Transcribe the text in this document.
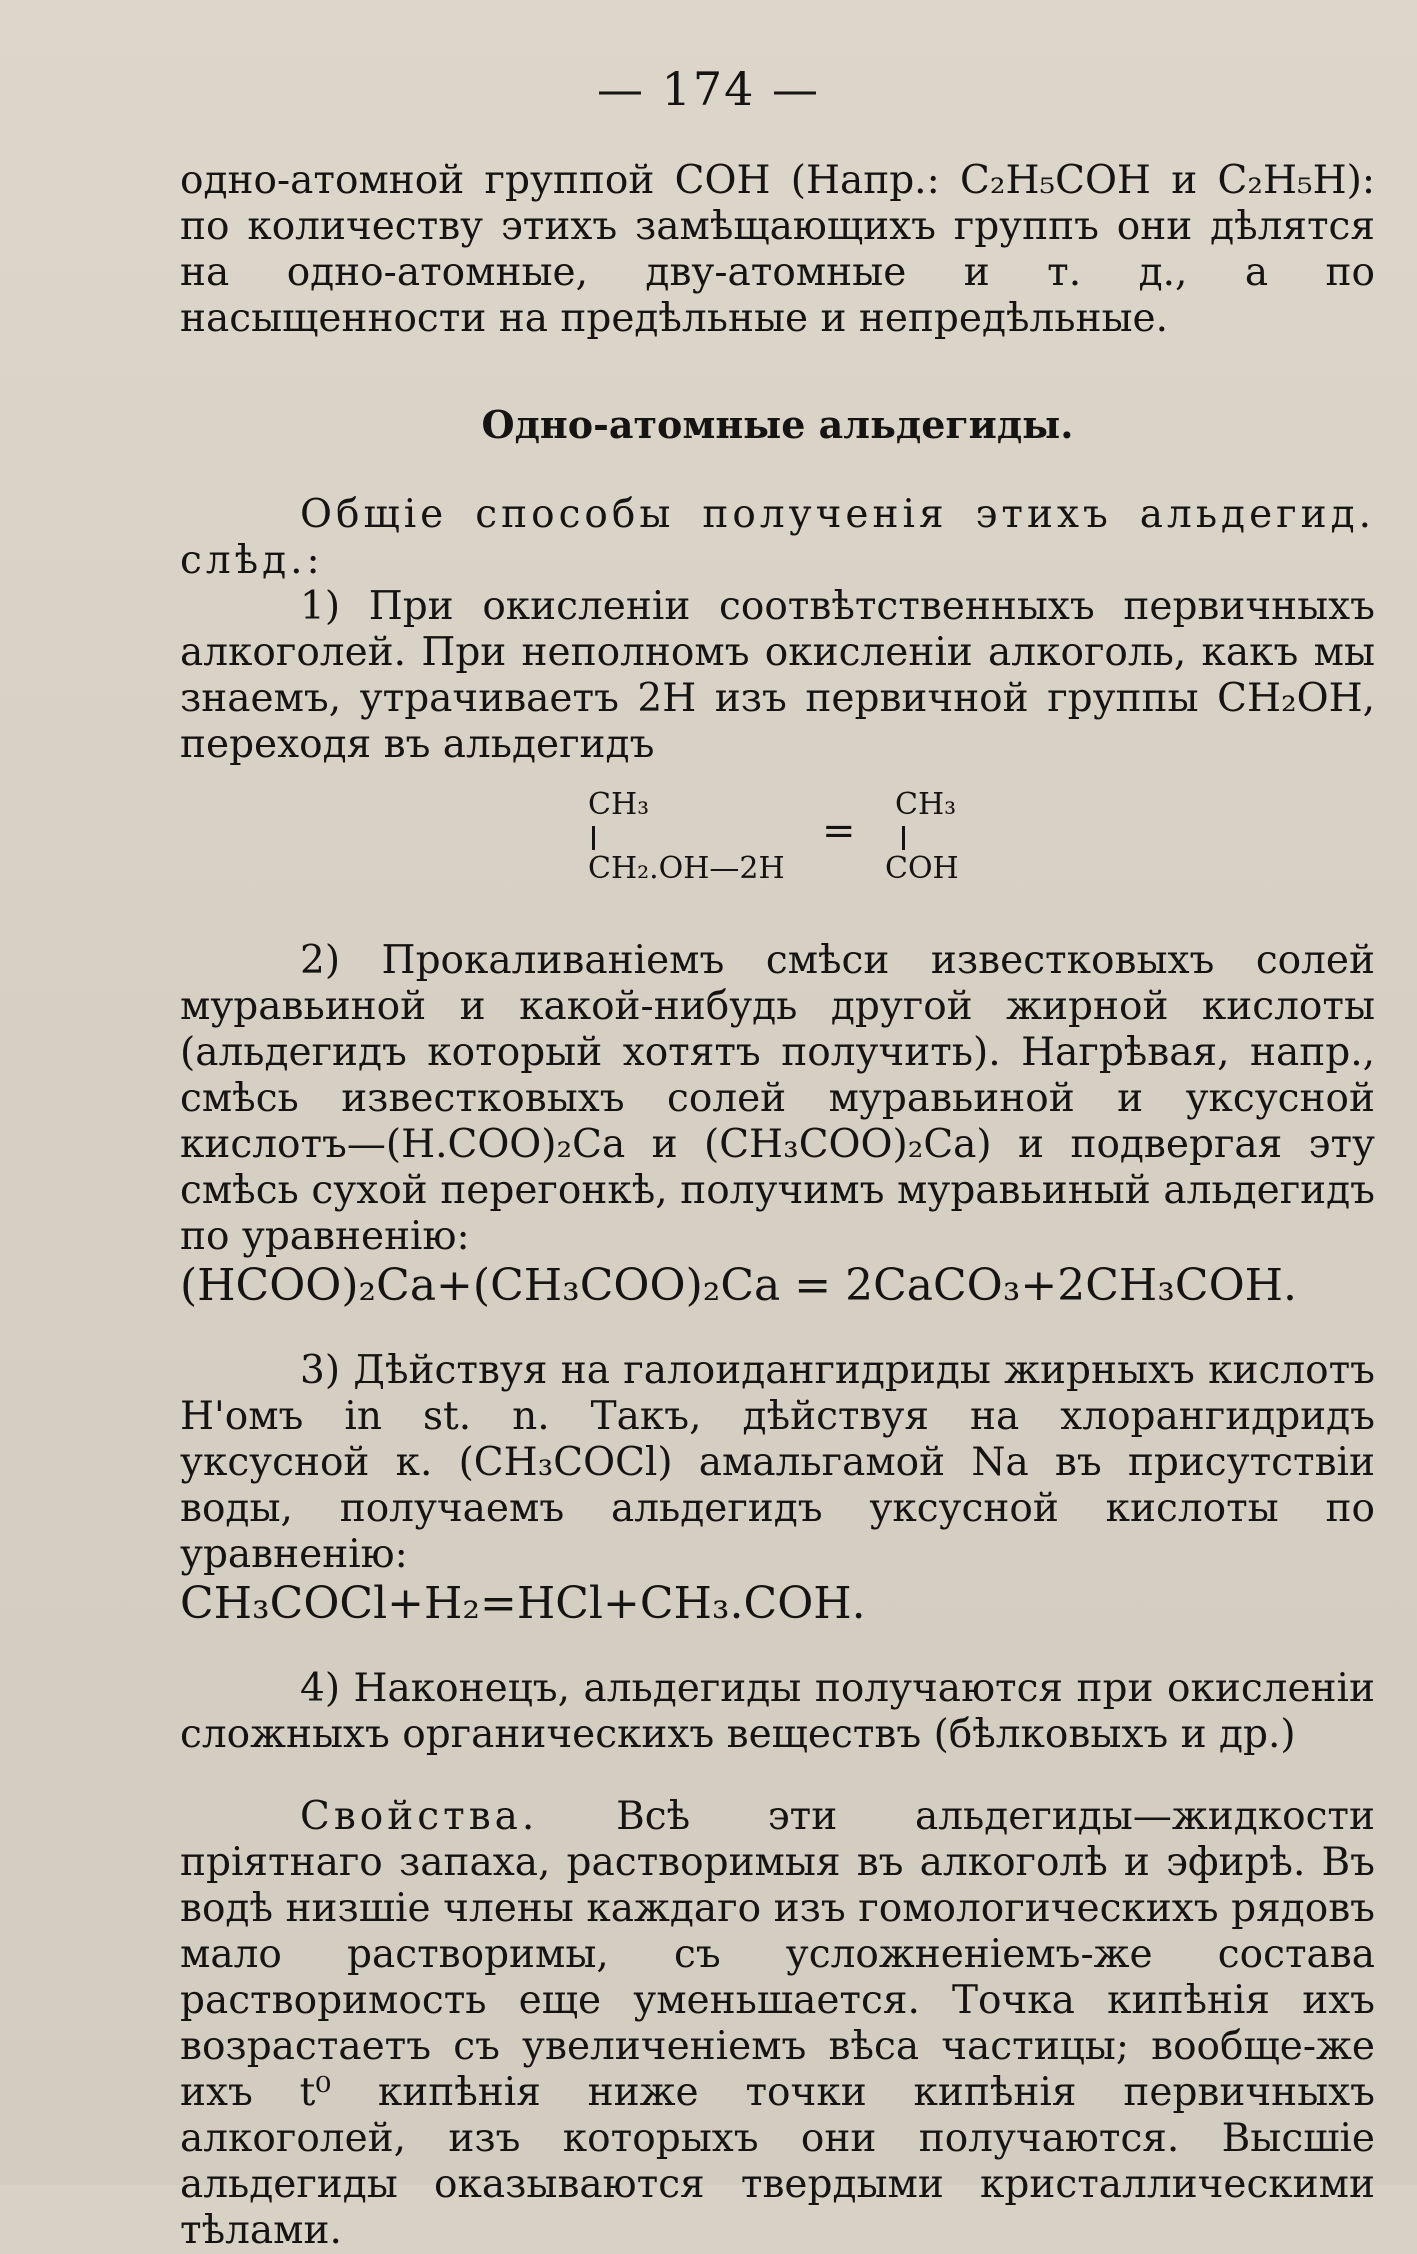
— 174 —

одно-атомной группой СОН (Напр.: С₂Н₅СОН и С₂Н₅Н): по количеству этихъ замѣщающихъ группъ они дѣлятся на одно-атомные, дву-атомные и т. д., а по насыщенности на предѣльные и непредѣльные.

Одно-атомные альдегиды.

Общіе способы полученія этихъ альдегид. слѣд.:

1) При окисленіи соотвѣтственныхъ первичныхъ алкоголей. При неполномъ окисленіи алкоголь, какъ мы знаемъ, утрачиваетъ 2Н изъ первичной группы СН₂ОН, переходя въ альдегидъ

CH₃
CH₂.OH—2H
=
CH₃
COH

2) Прокаливаніемъ смѣси известковыхъ солей муравьиной и какой-нибудь другой жирной кислоты (альдегидъ который хотятъ получить). Нагрѣвая, напр., смѣсь известковыхъ солей муравьиной и уксусной кислотъ—(Н.СОО)₂Са и (СН₃СОО)₂Са) и подвергая эту смѣсь сухой перегонкѣ, получимъ муравьиный альдегидъ по уравненію:

(HCOO)₂Ca+(CH₃COO)₂Ca = 2CaCO₃+2CH₃COH.

3) Дѣйствуя на галоидангидриды жирныхъ кислотъ Н'омъ in st. n. Такъ, дѣйствуя на хлорангидридъ уксусной к. (СН₃СОСl) амальгамой Na въ присутствіи воды, получаемъ альдегидъ уксусной кислоты по уравненію:

CH₃COCl+H₂=HCl+CH₃.COH.

4) Наконецъ, альдегиды получаются при окисленіи сложныхъ органическихъ веществъ (бѣлковыхъ и др.)

Свойства. Всѣ эти альдегиды—жидкости пріятнаго запаха, растворимыя въ алкоголѣ и эфирѣ. Въ водѣ низшіе члены каждаго изъ гомологическихъ рядовъ мало растворимы, съ усложненіемъ-же состава растворимость еще уменьшается. Точка кипѣнія ихъ возрастаетъ съ увеличеніемъ вѣса частицы; вообще-же ихъ t⁰ кипѣнія ниже точки кипѣнія первичныхъ алкоголей, изъ которыхъ они получаются. Высшіе альдегиды оказываются твердыми кристаллическими тѣлами.
